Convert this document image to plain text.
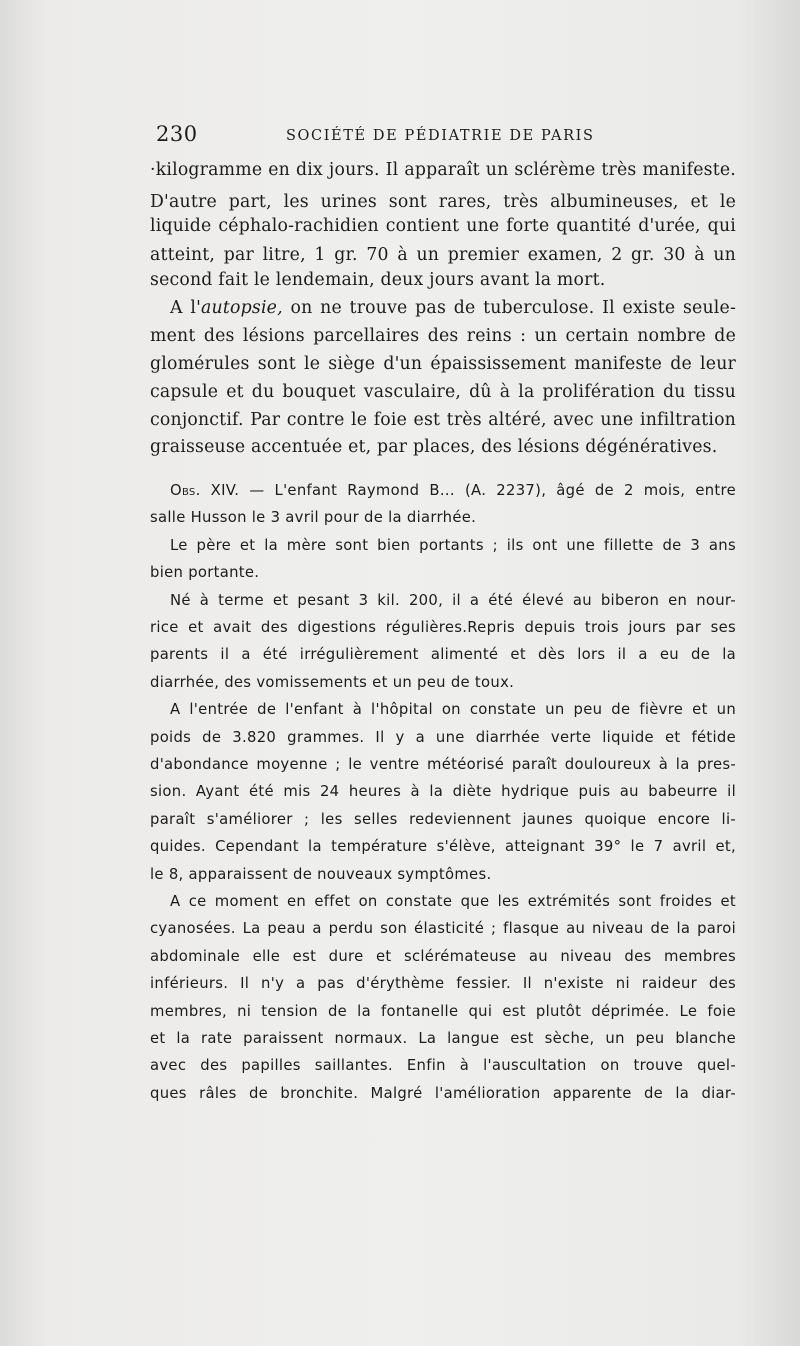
230	SOCIÉTÉ DE PÉDIATRIE DE PARIS
·kilogramme en dix jours. Il apparaît un sclérème très manifeste.
D'autre part, les urines sont rares, très albumineuses, et le
liquide céphalo-rachidien contient une forte quantité d'urée, qui
atteint, par litre, 1 gr. 70 à un premier examen, 2 gr. 30 à un
second fait le lendemain, deux jours avant la mort.
A l'autopsie, on ne trouve pas de tuberculose. Il existe seule-
ment des lésions parcellaires des reins : un certain nombre de
glomérules sont le siège d'un épaississement manifeste de leur
capsule et du bouquet vasculaire, dû à la prolifération du tissu
conjonctif. Par contre le foie est très altéré, avec une infiltration
graisseuse accentuée et, par places, des lésions dégénératives.
Obs. XIV. — L'enfant Raymond B... (A. 2237), âgé de 2 mois, entre
salle Husson le 3 avril pour de la diarrhée.
Le père et la mère sont bien portants ; ils ont une fillette de 3 ans
bien portante.
Né à terme et pesant 3 kil. 200, il a été élevé au biberon en nour-
rice et avait des digestions régulières.Repris depuis trois jours par ses
parents il a été irrégulièrement alimenté et dès lors il a eu de la
diarrhée, des vomissements et un peu de toux.
A l'entrée de l'enfant à l'hôpital on constate un peu de fièvre et un
poids de 3.820 grammes. Il y a une diarrhée verte liquide et fétide
d'abondance moyenne ; le ventre météorisé paraît douloureux à la pres-
sion. Ayant été mis 24 heures à la diète hydrique puis au babeurre il
paraît s'améliorer ; les selles redeviennent jaunes quoique encore li-
quides. Cependant la température s'élève, atteignant 39° le 7 avril et,
le 8, apparaissent de nouveaux symptômes.
A ce moment en effet on constate que les extrémités sont froides et
cyanosées. La peau a perdu son élasticité ; flasque au niveau de la paroi
abdominale elle est dure et sclérémateuse au niveau des membres
inférieurs. Il n'y a pas d'érythème fessier. Il n'existe ni raideur des
membres, ni tension de la fontanelle qui est plutôt déprimée. Le foie
et la rate paraissent normaux. La langue est sèche, un peu blanche
avec des papilles saillantes. Enfin à l'auscultation on trouve quel-
ques râles de bronchite. Malgré l'amélioration apparente de la diar-
